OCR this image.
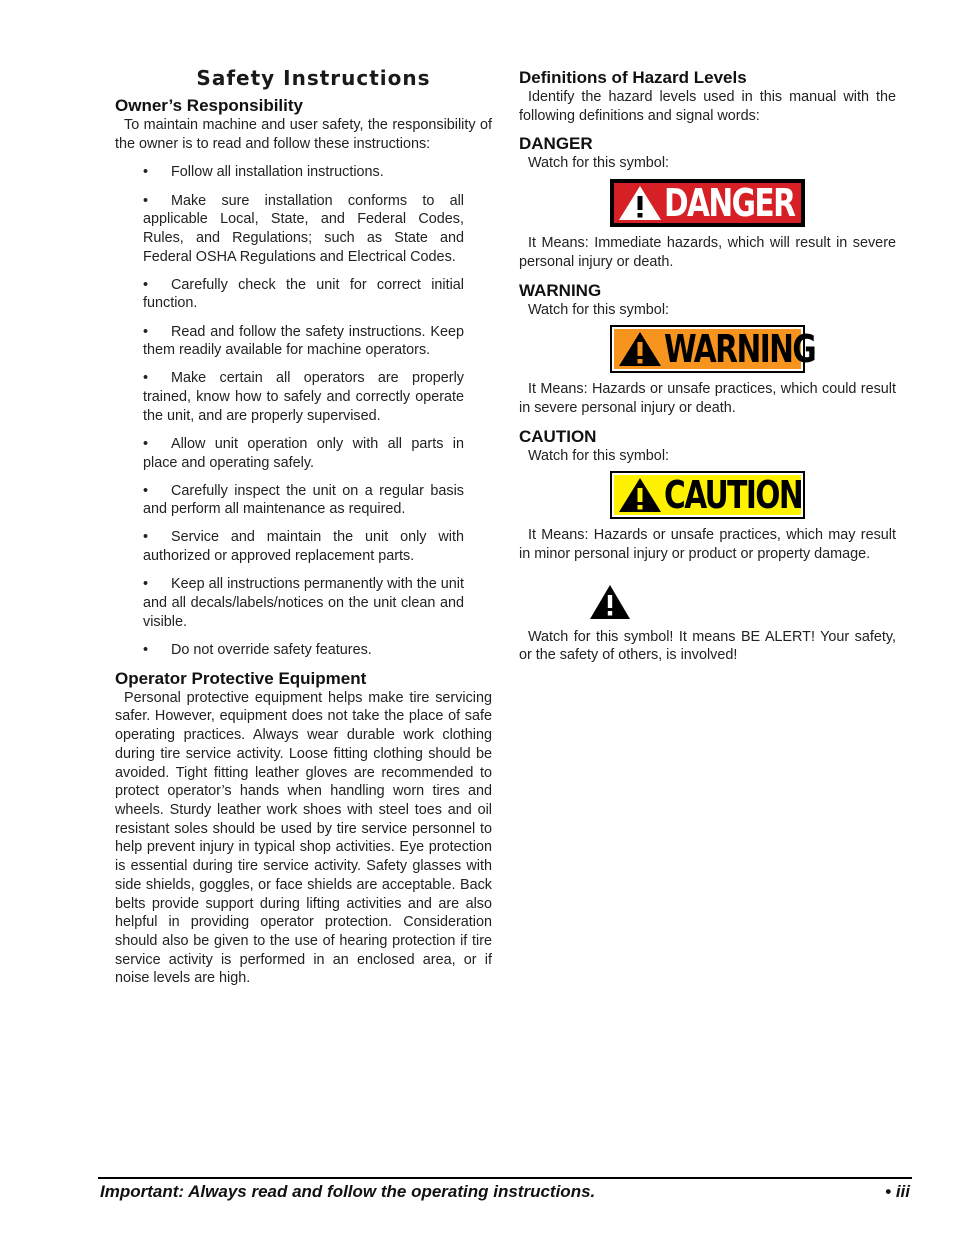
Safety Instructions
Owner’s Responsibility

To maintain machine and user safety, the responsibility of the owner is to read and follow these instructions:

• Follow all installation instructions.
• Make sure installation conforms to all applicable Local, State, and Federal Codes, Rules, and Regulations; such as State and Federal OSHA Regulations and Electrical Codes.
• Carefully check the unit for correct initial function.
• Read and follow the safety instructions. Keep them readily available for machine operators.
• Make certain all operators are properly trained, know how to safely and correctly operate the unit, and are properly supervised.
• Allow unit operation only with all parts in place and operating safely.
• Carefully inspect the unit on a regular basis and perform all maintenance as required.
• Service and maintain the unit only with authorized or approved replacement parts.
• Keep all instructions permanently with the unit and all decals/labels/notices on the unit clean and visible.
• Do not override safety features.
Operator Protective Equipment

Personal protective equipment helps make tire servicing safer. However, equipment does not take the place of safe operating practices. Always wear durable work clothing during tire service activity. Loose fitting clothing should be avoided. Tight fitting leather gloves are recommended to protect operator’s hands when handling worn tires and wheels. Sturdy leather work shoes with steel toes and oil resistant soles should be used by tire service personnel to help prevent injury in typical shop activities. Eye protection is essential during tire service activity. Safety glasses with side shields, goggles, or face shields are acceptable. Back belts provide support during lifting activities and are also helpful in providing operator protection. Consideration should also be given to the use of hearing protection if tire service activity is performed in an enclosed area, or if noise levels are high.

Definitions of Hazard Levels

Identify the hazard levels used in this manual with the following definitions and signal words:

DANGER

Watch for this symbol:

DANGER

It Means: Immediate hazards, which will result in severe personal injury or death.

WARNING

Watch for this symbol:

WARNING

It Means: Hazards or unsafe practices, which could result in severe personal injury or death.

CAUTION

Watch for this symbol:

CAUTION

It Means: Hazards or unsafe practices, which may result in minor personal injury or product or property damage.

Watch for this symbol! It means BE ALERT! Your safety, or the safety of others, is involved!

Important: Always read and follow the operating instructions.	• iii
